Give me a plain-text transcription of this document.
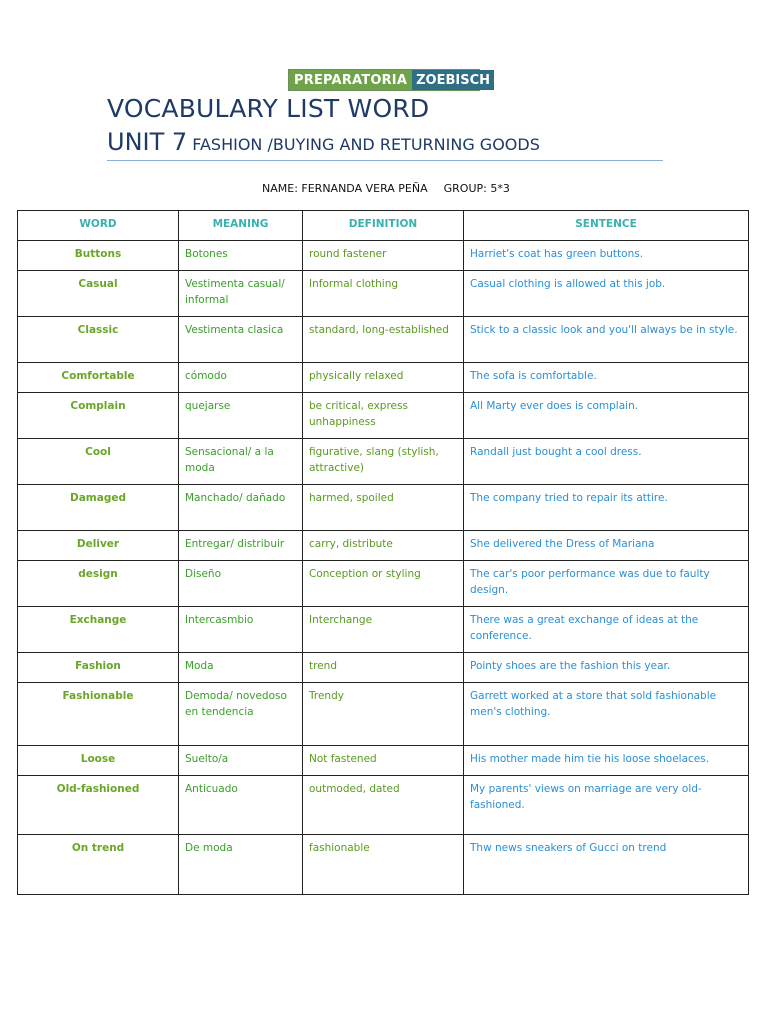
PREPARATORIA ZOEBISCH
VOCABULARY LIST WORD
UNIT 7 FASHION /BUYING AND RETURNING GOODS
NAME: FERNANDA VERA PEÑA GROUP: 5*3
WORD	MEANING	DEFINITION	SENTENCE
Buttons	Botones	round fastener	Harriet's coat has green buttons.
Casual	Vestimenta casual/ informal	Informal clothing	Casual clothing is allowed at this job.
Classic	Vestimenta clasica	standard, long-established	Stick to a classic look and you'll always be in style.
Comfortable	cómodo	physically relaxed	The sofa is comfortable.
Complain	quejarse	be critical, express unhappiness	All Marty ever does is complain.
Cool	Sensacional/ a la moda	figurative, slang (stylish, attractive)	Randall just bought a cool dress.
Damaged	Manchado/ dañado	harmed, spoiled	The company tried to repair its attire.
Deliver	Entregar/ distribuir	carry, distribute	She delivered the Dress of Mariana
design	Diseño	Conception or styling	The car's poor performance was due to faulty design.
Exchange	Intercasmbio	Interchange	There was a great exchange of ideas at the conference.
Fashion	Moda	trend	Pointy shoes are the fashion this year.
Fashionable	Demoda/ novedoso en tendencia	Trendy	Garrett worked at a store that sold fashionable men's clothing.
Loose	Suelto/a	Not fastened	His mother made him tie his loose shoelaces.
Old-fashioned	Anticuado	outmoded, dated	My parents' views on marriage are very old-fashioned.
On trend	De moda	fashionable	Thw news sneakers of Gucci on trend
